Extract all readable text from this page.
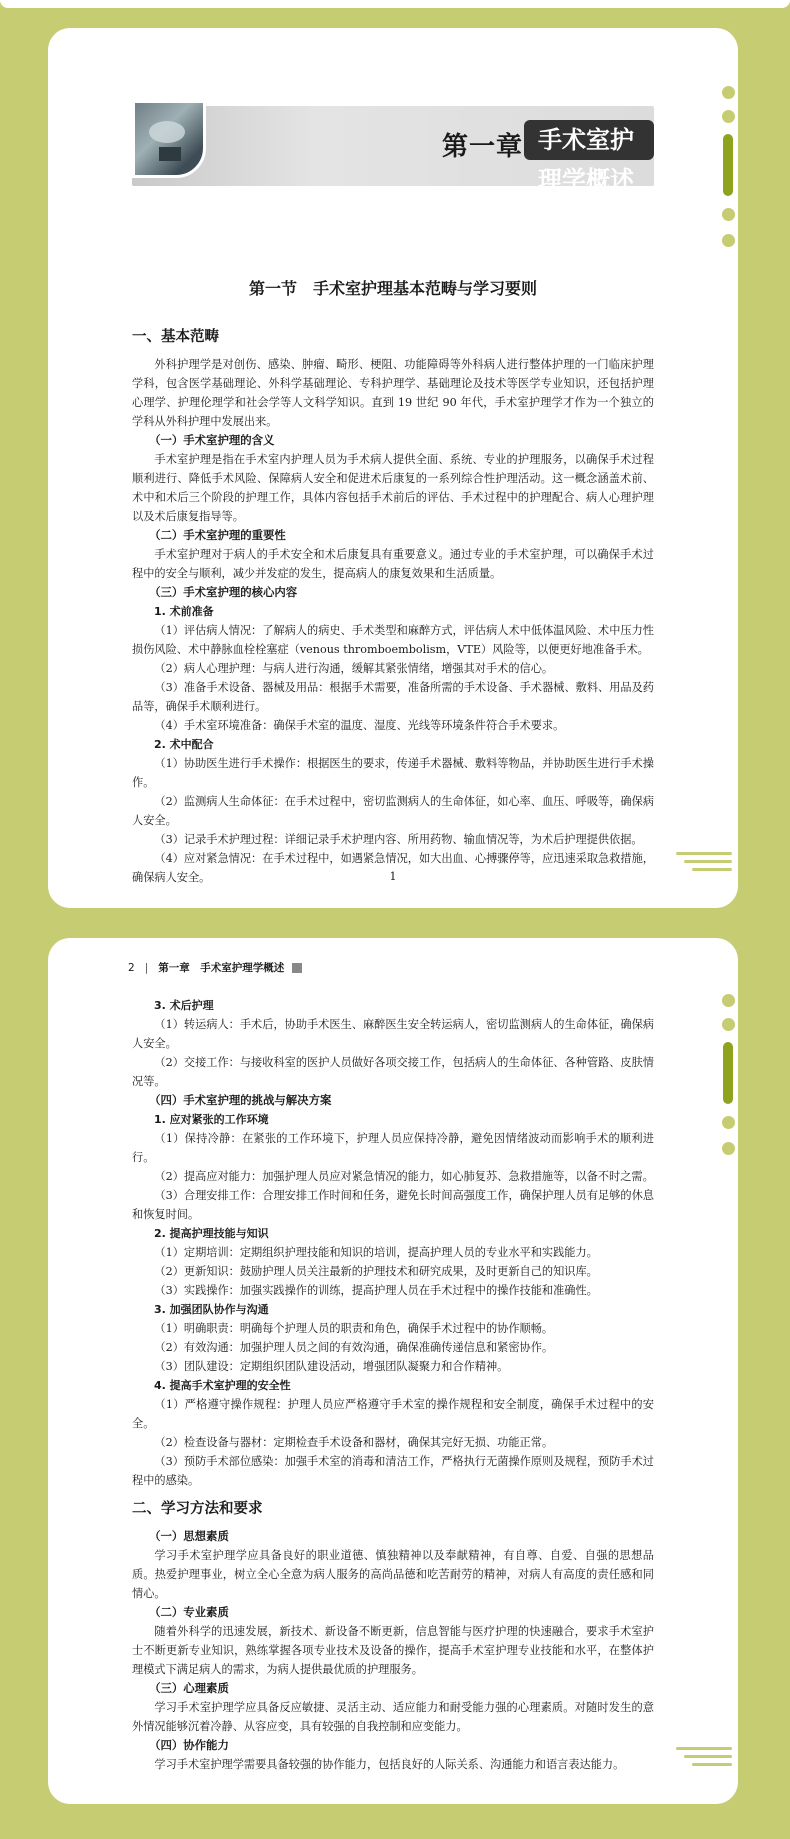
第一章 手术室护理学概述
第一节　手术室护理基本范畴与学习要则

一、基本范畴

外科护理学是对创伤、感染、肿瘤、畸形、梗阻、功能障碍等外科病人进行整体护理的一门临床护理学科，包含医学基础理论、外科学基础理论、专科护理学、基础理论及技术等医学专业知识，还包括护理心理学、护理伦理学和社会学等人文科学知识。直到 19 世纪 90 年代，手术室护理学才作为一个独立的学科从外科护理中发展出来。

（一）手术室护理的含义

手术室护理是指在手术室内护理人员为手术病人提供全面、系统、专业的护理服务，以确保手术过程顺利进行、降低手术风险、保障病人安全和促进术后康复的一系列综合性护理活动。这一概念涵盖术前、术中和术后三个阶段的护理工作，具体内容包括手术前后的评估、手术过程中的护理配合、病人心理护理以及术后康复指导等。

（二）手术室护理的重要性

手术室护理对于病人的手术安全和术后康复具有重要意义。通过专业的手术室护理，可以确保手术过程中的安全与顺利，减少并发症的发生，提高病人的康复效果和生活质量。

（三）手术室护理的核心内容

1. 术前准备

（1）评估病人情况：了解病人的病史、手术类型和麻醉方式，评估病人术中低体温风险、术中压力性损伤风险、术中静脉血栓栓塞症（venous thromboembolism，VTE）风险等，以便更好地准备手术。

（2）病人心理护理：与病人进行沟通，缓解其紧张情绪，增强其对手术的信心。

（3）准备手术设备、器械及用品：根据手术需要，准备所需的手术设备、手术器械、敷料、用品及药品等，确保手术顺利进行。

（4）手术室环境准备：确保手术室的温度、湿度、光线等环境条件符合手术要求。

2. 术中配合

（1）协助医生进行手术操作：根据医生的要求，传递手术器械、敷料等物品，并协助医生进行手术操作。

（2）监测病人生命体征：在手术过程中，密切监测病人的生命体征，如心率、血压、呼吸等，确保病人安全。

（3）记录手术护理过程：详细记录手术护理内容、所用药物、输血情况等，为术后护理提供依据。

（4）应对紧急情况：在手术过程中，如遇紧急情况，如大出血、心搏骤停等，应迅速采取急救措施，确保病人安全。	1
2 | 第一章　手术室护理学概述

3. 术后护理

（1）转运病人：手术后，协助手术医生、麻醉医生安全转运病人，密切监测病人的生命体征，确保病人安全。

（2）交接工作：与接收科室的医护人员做好各项交接工作，包括病人的生命体征、各种管路、皮肤情况等。

（四）手术室护理的挑战与解决方案

1. 应对紧张的工作环境

（1）保持冷静：在紧张的工作环境下，护理人员应保持冷静，避免因情绪波动而影响手术的顺利进行。

（2）提高应对能力：加强护理人员应对紧急情况的能力，如心肺复苏、急救措施等，以备不时之需。

（3）合理安排工作：合理安排工作时间和任务，避免长时间高强度工作，确保护理人员有足够的休息和恢复时间。

2. 提高护理技能与知识

（1）定期培训：定期组织护理技能和知识的培训，提高护理人员的专业水平和实践能力。

（2）更新知识：鼓励护理人员关注最新的护理技术和研究成果，及时更新自己的知识库。

（3）实践操作：加强实践操作的训练，提高护理人员在手术过程中的操作技能和准确性。

3. 加强团队协作与沟通

（1）明确职责：明确每个护理人员的职责和角色，确保手术过程中的协作顺畅。

（2）有效沟通：加强护理人员之间的有效沟通，确保准确传递信息和紧密协作。

（3）团队建设：定期组织团队建设活动，增强团队凝聚力和合作精神。

4. 提高手术室护理的安全性

（1）严格遵守操作规程：护理人员应严格遵守手术室的操作规程和安全制度，确保手术过程中的安全。

（2）检查设备与器材：定期检查手术设备和器材，确保其完好无损、功能正常。

（3）预防手术部位感染：加强手术室的消毒和清洁工作，严格执行无菌操作原则及规程，预防手术过程中的感染。

二、学习方法和要求

（一）思想素质

学习手术室护理学应具备良好的职业道德、慎独精神以及奉献精神，有自尊、自爱、自强的思想品质。热爱护理事业，树立全心全意为病人服务的高尚品德和吃苦耐劳的精神，对病人有高度的责任感和同情心。

（二）专业素质

随着外科学的迅速发展，新技术、新设备不断更新，信息智能与医疗护理的快速融合，要求手术室护士不断更新专业知识，熟练掌握各项专业技术及设备的操作，提高手术室护理专业技能和水平，在整体护理模式下满足病人的需求，为病人提供最优质的护理服务。

（三）心理素质

学习手术室护理学应具备反应敏捷、灵活主动、适应能力和耐受能力强的心理素质。对随时发生的意外情况能够沉着冷静、从容应变，具有较强的自我控制和应变能力。

（四）协作能力

学习手术室护理学需要具备较强的协作能力，包括良好的人际关系、沟通能力和语言表达能力。
